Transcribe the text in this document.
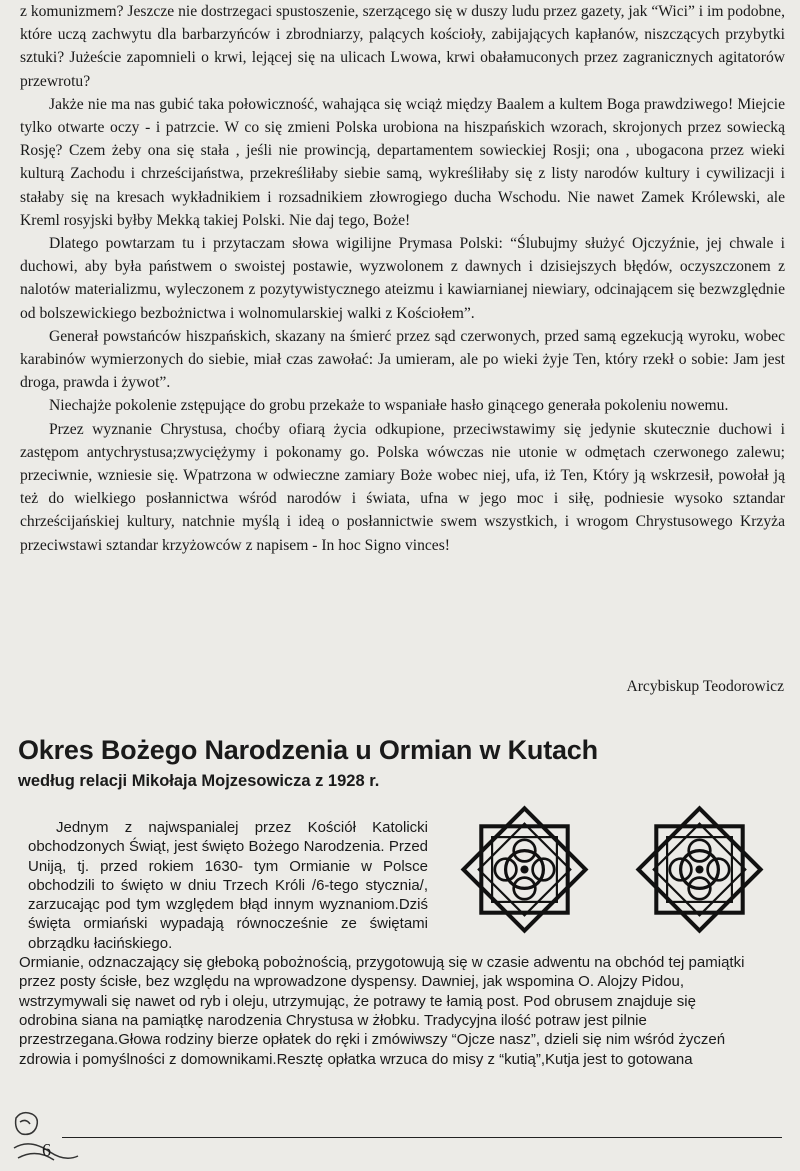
z komunizmem? Jeszcze nie dostrzegaci spustoszenie, szerzącego się w duszy ludu przez gazety, jak “Wici” i im podobne, które uczą zachwytu dla barbarzyńców i zbrodniarzy, palących kościoły, zabijających kapłanów, niszczących przybytki sztuki? Jużeście zapomnieli o krwi, lejącej się na ulicach Lwowa, krwi obałamuconych przez zagranicznych agitatorów przewrotu?

Jakże nie ma nas gubić taka połowiczność, wahająca się wciąż między Baalem a kultem Boga prawdziwego! Miejcie tylko otwarte oczy - i patrzcie. W co się zmieni Polska urobiona na hiszpańskich wzorach, skrojonych przez sowiecką Rosję? Czem żeby ona się stała , jeśli nie prowincją, departamentem sowieckiej Rosji; ona , ubogacona przez wieki kulturą Zachodu i chrześcijaństwa, przekreśliłaby siebie samą, wykreśliłaby się z listy narodów kultury i cywilizacji i stałaby się na kresach wykładnikiem i rozsadnikiem złowrogiego ducha Wschodu. Nie nawet Zamek Królewski, ale Kreml rosyjski byłby Mekką takiej Polski. Nie daj tego, Boże!

Dlatego powtarzam tu i przytaczam słowa wigilijne Prymasa Polski: “Ślubujmy służyć Ojczyźnie, jej chwale i duchowi, aby była państwem o swoistej postawie, wyzwolonem z dawnych i dzisiejszych błędów, oczyszczonem z nalotów materializmu, wyleczonem z pozytywistycznego ateizmu i kawiarnianej niewiary, odcinającem się bezwzględnie od bolszewickiego bezbożnictwa i wolnomularskiej walki z Kościołem”.

Generał powstańców hiszpańskich, skazany na śmierć przez sąd czerwonych, przed samą egzekucją wyroku, wobec karabinów wymierzonych do siebie, miał czas zawołać: Ja umieram, ale po wieki żyje Ten, który rzekł o sobie: Jam jest droga, prawda i żywot”.

Niechajże pokolenie zstępujące do grobu przekaże to wspaniałe hasło ginącego generała pokoleniu nowemu.

Przez wyznanie Chrystusa, choćby ofiarą życia odkupione, przeciwstawimy się jedynie skutecznie duchowi i zastępom antychrystusa;zwyciężymy i pokonamy go. Polska wówczas nie utonie w odmętach czerwonego zalewu; przeciwnie, wzniesie się. Wpatrzona w odwieczne zamiary Boże wobec niej, ufa, iż Ten, Który ją wskrzesił, powołał ją też do wielkiego posłannictwa wśród narodów i świata, ufna w jego moc i siłę, podniesie wysoko sztandar chrześcijańskiej kultury, natchnie myślą i ideą o posłannictwie swem wszystkich, i wrogom Chrystusowego Krzyża przeciwstawi sztandar krzyżowców z napisem - In hoc Signo vinces!

Arcybiskup Teodorowicz
Okres Bożego Narodzenia u Ormian w Kutach
według relacji Mikołaja Mojzesowicza z 1928 r.
Jednym z najwspanialej przez Kościół Katolicki obchodzonych Świąt, jest święto Bożego Narodzenia. Przed Uniją, tj. przed rokiem 1630- tym Ormianie w Polsce obchodzili to święto w dniu Trzech Króli /6-tego stycznia/, zarzucając pod tym względem błąd innym wyznaniom.Dziś święta ormiański wypadają równocześnie ze świętami obrządku łacińskiego.
Ormianie, odznaczający się głeboką pobożnością, przygotowują się w czasie adwentu na obchód tej pamiątki
przez posty ścisłe, bez względu na wprowadzone dyspensy. Dawniej, jak wspomina O. Alojzy Pidou,
wstrzymywali się nawet od ryb i oleju, utrzymując, że potrawy te łamią post. Pod obrusem znajduje się
odrobina siana na pamiątkę narodzenia Chrystusa w żłobku. Tradycyjna ilość potraw jest pilnie
przestrzegana.Głowa rodziny bierze opłatek do ręki i zmówiwszy “Ojcze nasz”, dzieli się nim wśród życzeń
zdrowia i pomyślności z domownikami.Resztę opłatka wrzuca do misy z “kutią”,Kutja jest to gotowana
6
